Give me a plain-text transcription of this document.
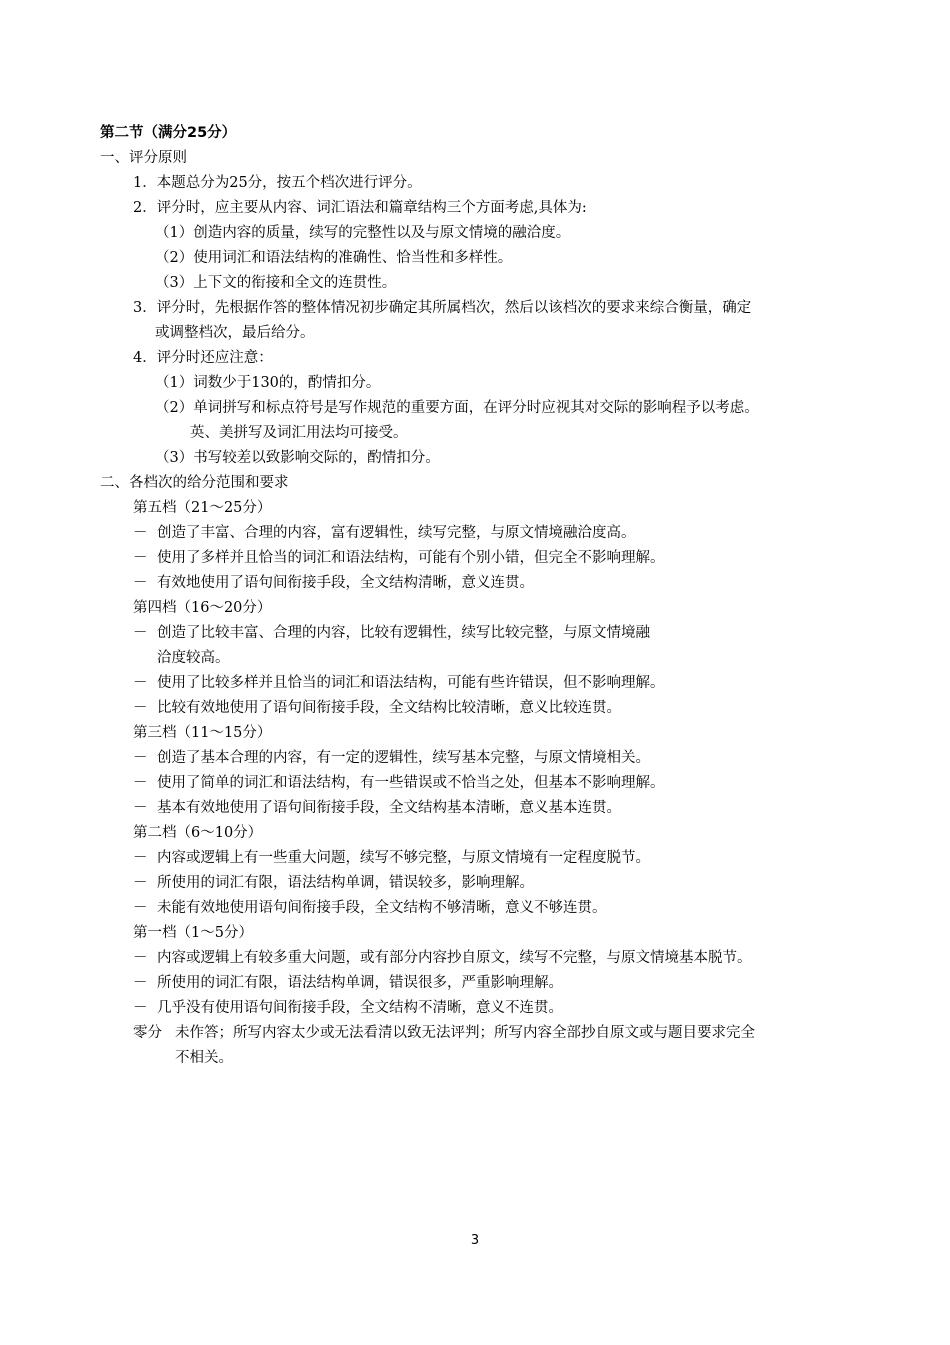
第二节（满分25分）
一、评分原则
1．本题总分为25分，按五个档次进行评分。
2．评分时，应主要从内容、词汇语法和篇章结构三个方面考虑,具体为:
（1）创造内容的质量，续写的完整性以及与原文情境的融洽度。
（2）使用词汇和语法结构的准确性、恰当性和多样性。
（3）上下文的衔接和全文的连贯性。
3．评分时，先根据作答的整体情况初步确定其所属档次，然后以该档次的要求来综合衡量，确定
或调整档次，最后给分。
4．评分时还应注意：
（1）词数少于130的，酌情扣分。
（2）单词拼写和标点符号是写作规范的重要方面，在评分时应视其对交际的影响程予以考虑。
英、美拼写及词汇用法均可接受。
（3）书写较差以致影响交际的，酌情扣分。
二、各档次的给分范围和要求
第五档（21～25分）
－ 创造了丰富、合理的内容，富有逻辑性，续写完整，与原文情境融洽度高。
－ 使用了多样并且恰当的词汇和语法结构，可能有个别小错，但完全不影响理解。
－ 有效地使用了语句间衔接手段，全文结构清晰，意义连贯。
第四档（16～20分）
－ 创造了比较丰富、合理的内容，比较有逻辑性，续写比较完整，与原文情境融
洽度较高。
－ 使用了比较多样并且恰当的词汇和语法结构，可能有些许错误，但不影响理解。
－ 比较有效地使用了语句间衔接手段，全文结构比较清晰，意义比较连贯。
第三档（11～15分）
－ 创造了基本合理的内容，有一定的逻辑性，续写基本完整，与原文情境相关。
－ 使用了简单的词汇和语法结构，有一些错误或不恰当之处，但基本不影响理解。
－ 基本有效地使用了语句间衔接手段，全文结构基本清晰，意义基本连贯。
第二档（6～10分）
－ 内容或逻辑上有一些重大问题，续写不够完整，与原文情境有一定程度脱节。
－ 所使用的词汇有限，语法结构单调，错误较多，影响理解。
－ 未能有效地使用语句间衔接手段，全文结构不够清晰，意义不够连贯。
第一档（1～5分）
－ 内容或逻辑上有较多重大问题，或有部分内容抄自原文，续写不完整，与原文情境基本脱节。
－ 所使用的词汇有限，语法结构单调，错误很多，严重影响理解。
－ 几乎没有使用语句间衔接手段，全文结构不清晰，意义不连贯。
零分 未作答；所写内容太少或无法看清以致无法评判；所写内容全部抄自原文或与题目要求完全
不相关。
3
